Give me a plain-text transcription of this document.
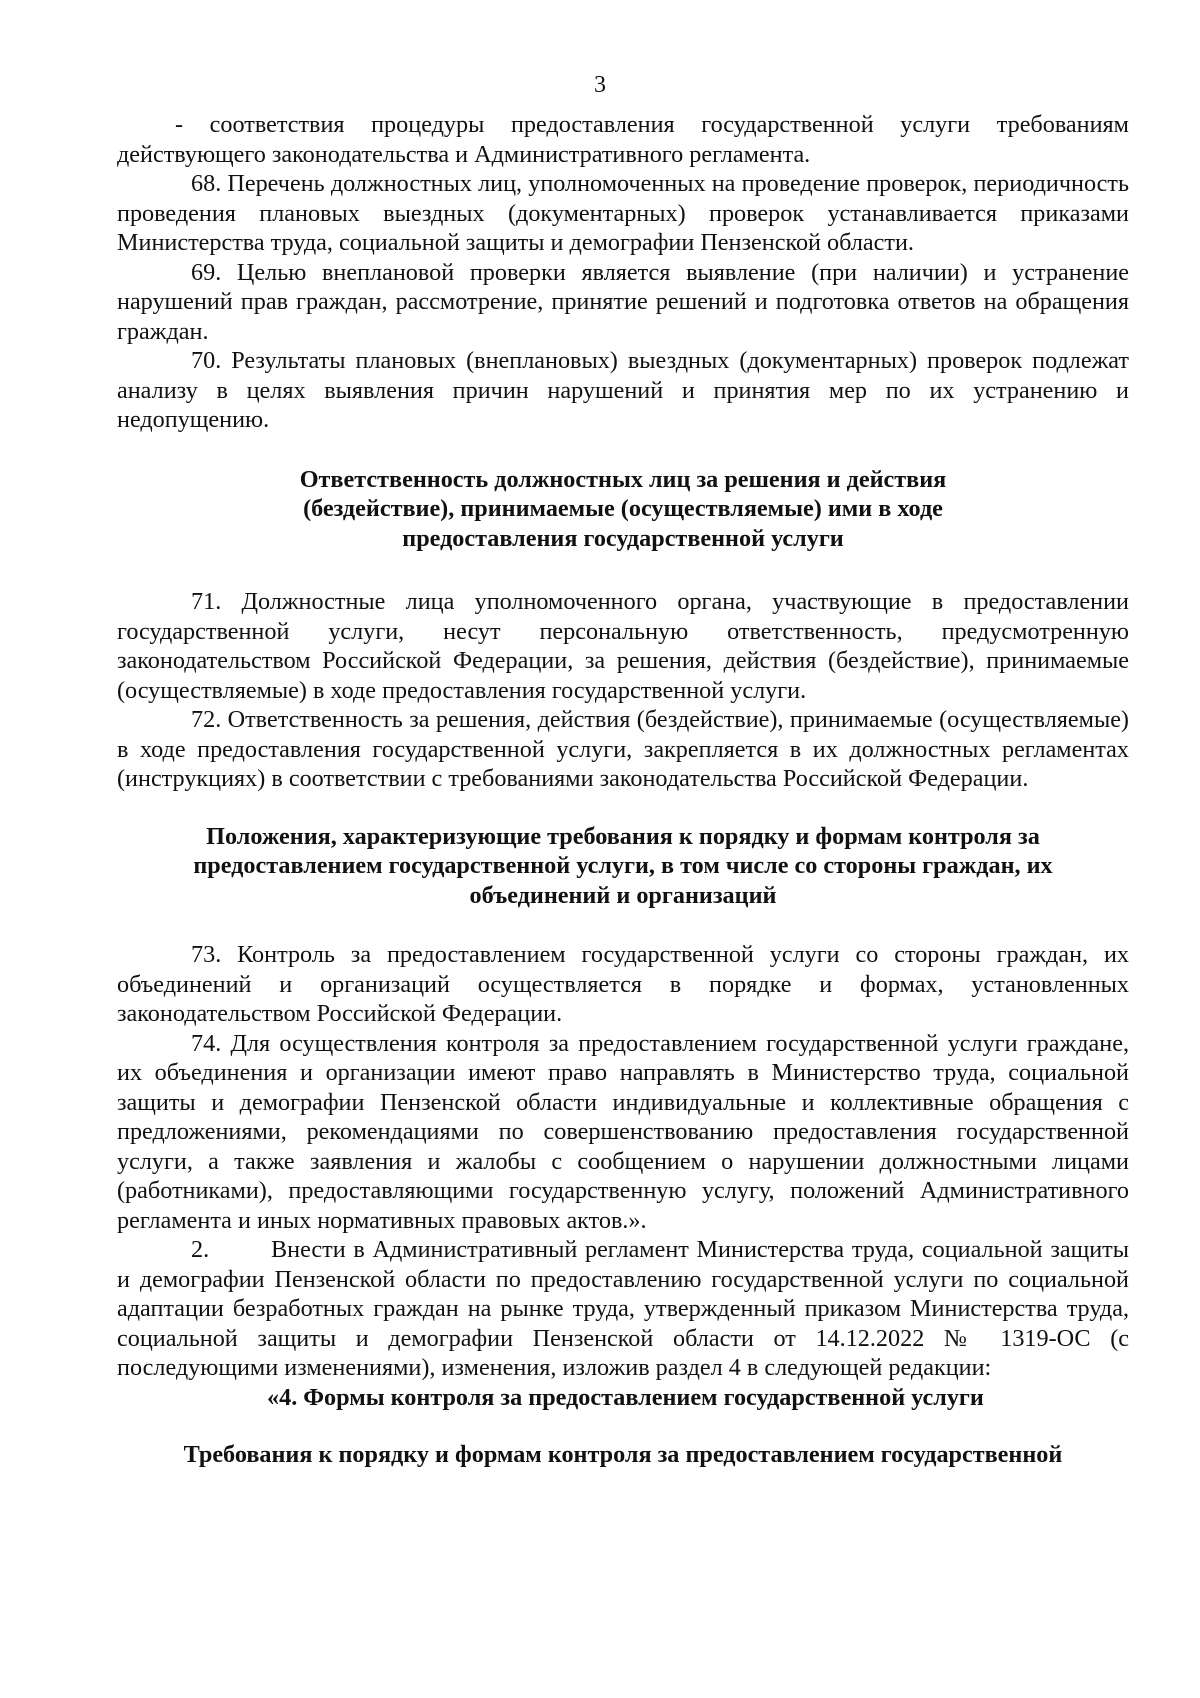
3

- соответствия процедуры предоставления государственной услуги требованиям действующего законодательства и Административного регламента.

68. Перечень должностных лиц, уполномоченных на проведение проверок, периодичность проведения плановых выездных (документарных) проверок устанавливается приказами Министерства труда, социальной защиты и демографии Пензенской области.

69. Целью внеплановой проверки является выявление (при наличии) и устранение нарушений прав граждан, рассмотрение, принятие решений и подготовка ответов на обращения граждан.

70. Результаты плановых (внеплановых) выездных (документарных) проверок подлежат анализу в целях выявления причин нарушений и принятия мер по их устранению и недопущению.

Ответственность должностных лиц за решения и действия (бездействие), принимаемые (осуществляемые) ими в ходе предоставления государственной услуги

71. Должностные лица уполномоченного органа, участвующие в предоставлении государственной услуги, несут персональную ответственность, предусмотренную законодательством Российской Федерации, за решения, действия (бездействие), принимаемые (осуществляемые) в ходе предоставления государственной услуги.

72. Ответственность за решения, действия (бездействие), принимаемые (осуществляемые) в ходе предоставления государственной услуги, закрепляется в их должностных регламентах (инструкциях) в соответствии с требованиями законодательства Российской Федерации.

Положения, характеризующие требования к порядку и формам контроля за предоставлением государственной услуги, в том числе со стороны граждан, их объединений и организаций

73. Контроль за предоставлением государственной услуги со стороны граждан, их объединений и организаций осуществляется в порядке и формах, установленных законодательством Российской Федерации.

74. Для осуществления контроля за предоставлением государственной услуги граждане, их объединения и организации имеют право направлять в Министерство труда, социальной защиты и демографии Пензенской области индивидуальные и коллективные обращения с предложениями, рекомендациями по совершенствованию предоставления государственной услуги, а также заявления и жалобы с сообщением о нарушении должностными лицами (работниками), предоставляющими государственную услугу, положений Административного регламента и иных нормативных правовых актов.».

2.	Внести в Административный регламент Министерства труда, социальной защиты и демографии Пензенской области по предоставлению государственной услуги по социальной адаптации безработных граждан на рынке труда, утвержденный приказом Министерства труда, социальной защиты и демографии Пензенской области от 14.12.2022 № 1319-ОС (с последующими изменениями), изменения, изложив раздел 4 в следующей редакции:

«4. Формы контроля за предоставлением государственной услуги

Требования к порядку и формам контроля за предоставлением государственной
